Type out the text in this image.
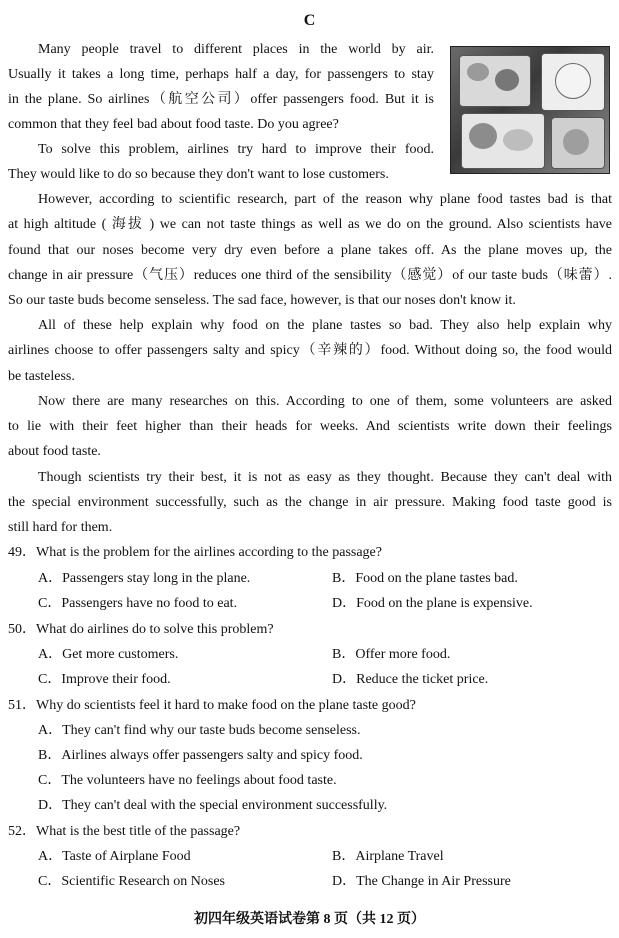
C
Many people travel to different places in the world by air.
Usually it takes a long time, perhaps half a day, for passengers to stay
in the plane. So airlines（航空公司）offer passengers food. But it is
common that they feel bad about food taste. Do you agree?
To solve this problem, airlines try hard to improve their food.
They would like to do so because they don't want to lose customers.
However, according to scientific research, part of the reason why plane food tastes bad is that
at high altitude ( 海拔 ) we can not taste things as well as we do on the ground. Also scientists have
found that our noses become very dry even before a plane takes off. As the plane moves up, the
change in air pressure（气压）reduces one third of the sensibility（感觉）of our taste buds（味蕾）.
So our taste buds become senseless. The sad face, however, is that our noses don't know it.
All of these help explain why food on the plane tastes so bad. They also help explain why
airlines choose to offer passengers salty and spicy（辛辣的）food. Without doing so, the food would
be tasteless.
Now there are many researches on this. According to one of them, some volunteers are asked
to lie with their feet higher than their heads for weeks. And scientists write down their feelings
about food taste.
Though scientists try their best, it is not as easy as they thought. Because they can't deal with
the special environment successfully, such as the change in air pressure. Making food taste good is
still hard for them.
49．What is the problem for the airlines according to the passage?
A．Passengers stay long in the plane.	B．Food on the plane tastes bad.
C．Passengers have no food to eat.	D．Food on the plane is expensive.
50．What do airlines do to solve this problem?
A．Get more customers.	B．Offer more food.
C．Improve their food.	D．Reduce the ticket price.
51．Why do scientists feel it hard to make food on the plane taste good?
A．They can't find why our taste buds become senseless.
B．Airlines always offer passengers salty and spicy food.
C．The volunteers have no feelings about food taste.
D．They can't deal with the special environment successfully.
52．What is the best title of the passage?
A．Taste of Airplane Food	B．Airplane Travel
C．Scientific Research on Noses	D．The Change in Air Pressure
初四年级英语试卷第 8 页（共 12 页）
